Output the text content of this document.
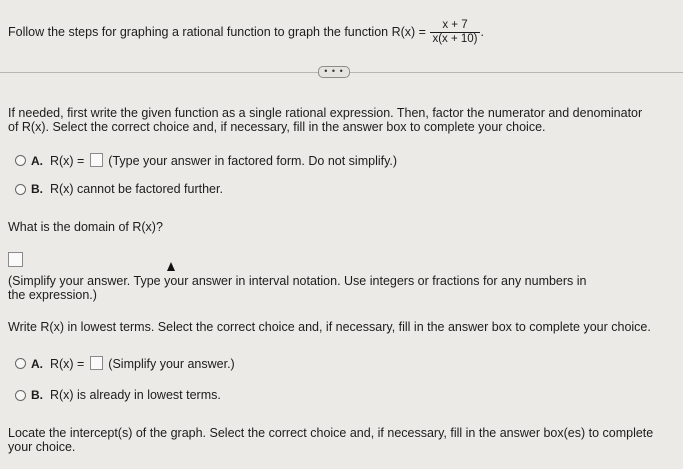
Follow the steps for graphing a rational function to graph the function $R(x) = \frac{x + 7}{x(x + 10)}$ .
• • •
If needed, first write the given function as a single rational expression. Then, factor the numerator and denominator
of R(x). Select the correct choice and, if necessary, fill in the answer box to complete your choice.
A. R(x) = (Type your answer in factored form. Do not simplify.)
B. R(x) cannot be factored further.
What is the domain of R(x)?
(Simplify your answer. Type your answer in interval notation. Use integers or fractions for any numbers in
the expression.)
Write R(x) in lowest terms. Select the correct choice and, if necessary, fill in the answer box to complete your choice.
A. R(x) = (Simplify your answer.)
B. R(x) is already in lowest terms.
Locate the intercept(s) of the graph. Select the correct choice and, if necessary, fill in the answer box(es) to complete
your choice.
